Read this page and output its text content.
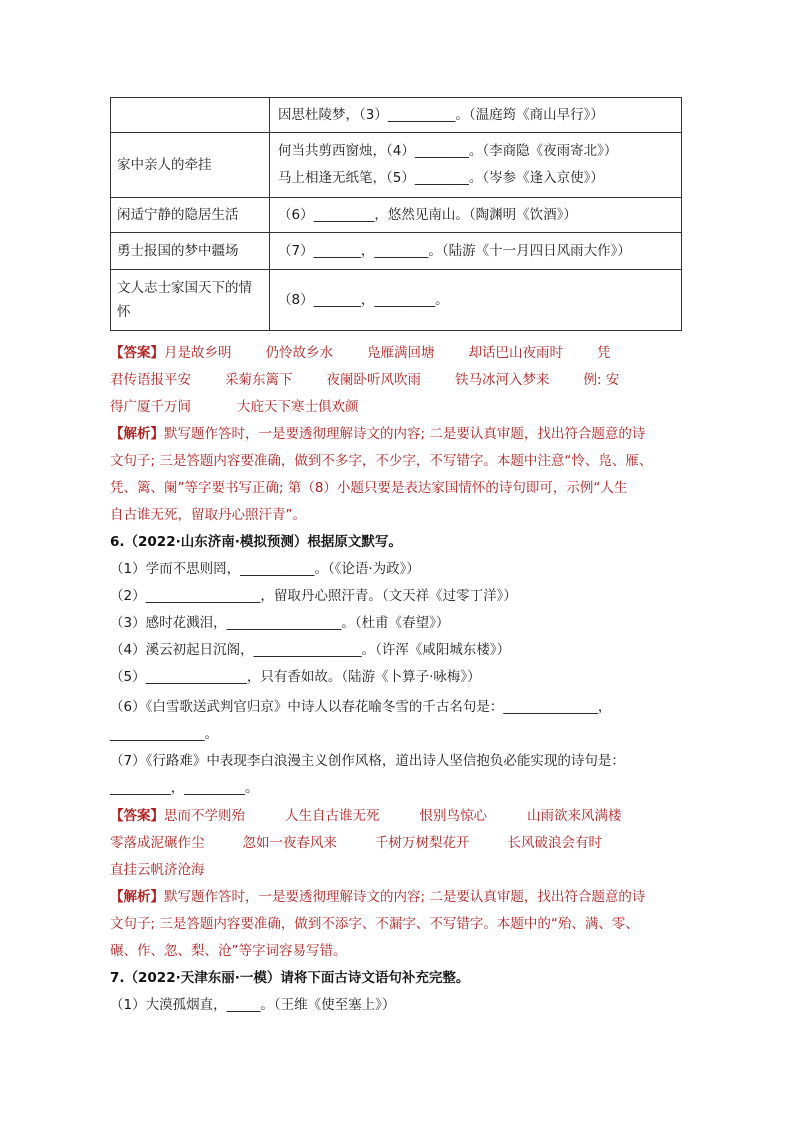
	因思杜陵梦，（3）__________。（温庭筠《商山早行》）
家中亲人的牵挂	何当共剪西窗烛，（4）________。（李商隐《夜雨寄北》）
马上相逢无纸笔，（5）________。（岑参《逢入京使》）

闲适宁静的隐居生活	（6）_________，悠然见南山。（陶渊明《饮酒》）
勇士报国的梦中疆场	（7）_______，________。（陆游《十一月四日风雨大作》）
文人志士家国天下的情怀	（8）_______，_________。
【答案】月是故乡明	仍怜故乡水	凫雁满回塘	却话巴山夜雨时	凭
君传语报平安	采菊东篱下	夜阑卧听风吹雨	铁马冰河入梦来	例: 安
得广厦千万间	大庇天下寒士俱欢颜
【解析】默写题作答时，一是要透彻理解诗文的内容; 二是要认真审题，找出符合题意的诗
文句子; 三是答题内容要准确，做到不多字，不少字，不写错字。本题中注意“怜、凫、雁、
凭、篱、阑”等字要书写正确; 第（8）小题只要是表达家国情怀的诗句即可，示例“人生
自古谁无死，留取丹心照汗青”。
6.（2022·山东济南·模拟预测）根据原文默写。
（1）学而不思则罔，___________。（《论语·为政》）
（2）_________________，留取丹心照汗青。（文天祥《过零丁洋》）
（3）感时花溅泪，_________________。（杜甫《春望》）
（4）溪云初起日沉阁，________________。（许浑《咸阳城东楼》）
（5）_______________，只有香如故。（陆游《卜算子·咏梅》）
（6）《白雪歌送武判官归京》中诗人以春花喻冬雪的千古名句是：______________，
______________。
（7）《行路难》中表现李白浪漫主义创作风格，道出诗人坚信抱负必能实现的诗句是：
_________，_________。
【答案】思而不学则殆	人生自古谁无死	恨别鸟惊心	山雨欲来风满楼
零落成泥碾作尘	忽如一夜春风来	千树万树梨花开	长风破浪会有时
直挂云帆济沧海
【解析】默写题作答时，一是要透彻理解诗文的内容; 二是要认真审题，找出符合题意的诗
文句子; 三是答题内容要准确，做到不添字、不漏字、不写错字。本题中的“殆、满、零、
碾、作、忽、梨、沧”等字词容易写错。
7.（2022·天津东丽·一模）请将下面古诗文语句补充完整。
（1）大漠孤烟直，_____。（王维《使至塞上》）
